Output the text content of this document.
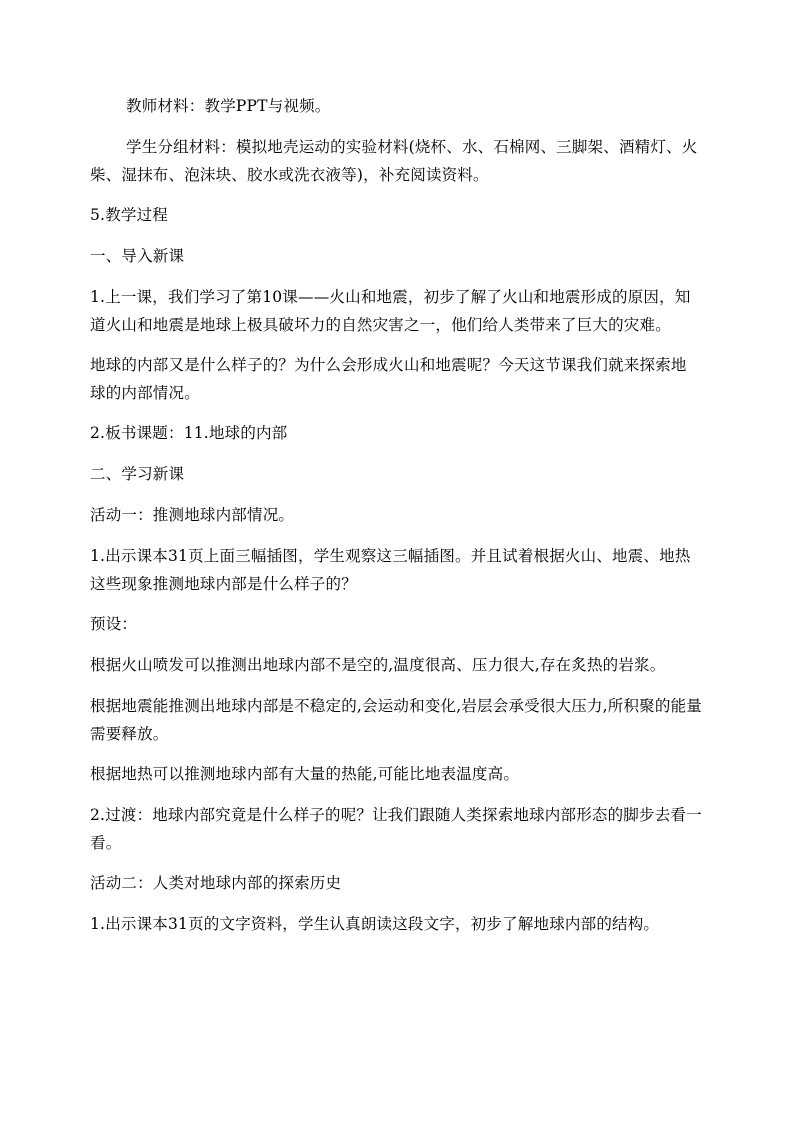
教师材料：教学PPT与视频。

学生分组材料：模拟地壳运动的实验材料(烧杯、水、石棉网、三脚架、酒精灯、火柴、湿抹布、泡沫块、胶水或洗衣液等)，补充阅读资料。

5.教学过程

一、导入新课

1.上一课，我们学习了第10课——火山和地震，初步了解了火山和地震形成的原因，知道火山和地震是地球上极具破坏力的自然灾害之一，他们给人类带来了巨大的灾难。

地球的内部又是什么样子的？为什么会形成火山和地震呢？今天这节课我们就来探索地球的内部情况。

2.板书课题：11.地球的内部

二、学习新课

活动一：推测地球内部情况。

1.出示课本31页上面三幅插图，学生观察这三幅插图。并且试着根据火山、地震、地热这些现象推测地球内部是什么样子的？

预设：

根据火山喷发可以推测出地球内部不是空的,温度很高、压力很大,存在炙热的岩浆。

根据地震能推测出地球内部是不稳定的,会运动和变化,岩层会承受很大压力,所积聚的能量需要释放。

根据地热可以推测地球内部有大量的热能,可能比地表温度高。

2.过渡：地球内部究竟是什么样子的呢？让我们跟随人类探索地球内部形态的脚步去看一看。

活动二：人类对地球内部的探索历史

1.出示课本31页的文字资料，学生认真朗读这段文字，初步了解地球内部的结构。
